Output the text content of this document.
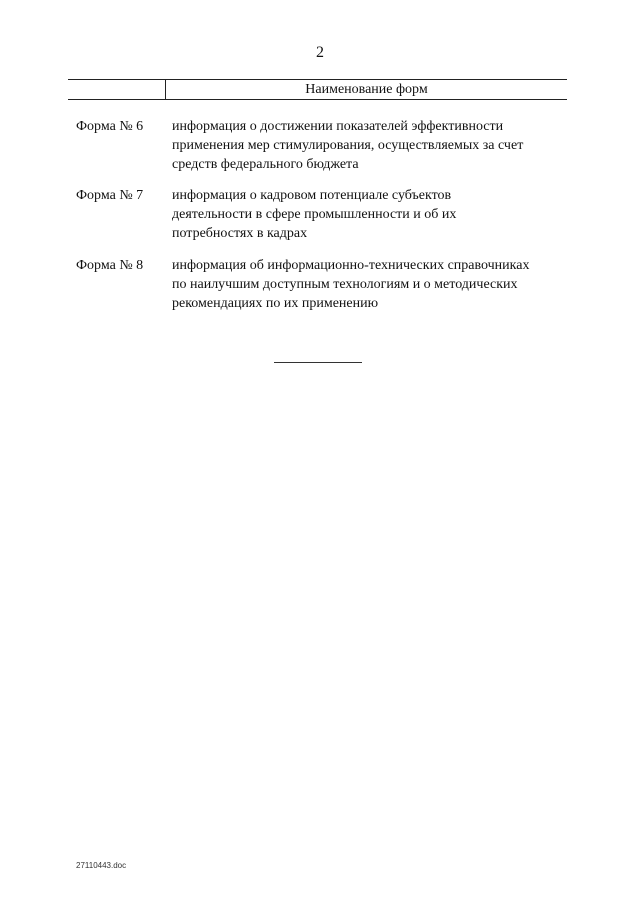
2
Наименование форм
Форма № 6 информация о достижении показателей эффективности
применения мер стимулирования, осуществляемых за счет
средств федерального бюджета
Форма № 7 информация о кадровом потенциале субъектов
деятельности в сфере промышленности и об их
потребностях в кадрах
Форма № 8 информация об информационно-технических справочниках
по наилучшим доступным технологиям и о методических
рекомендациях по их применению
27110443.doc
